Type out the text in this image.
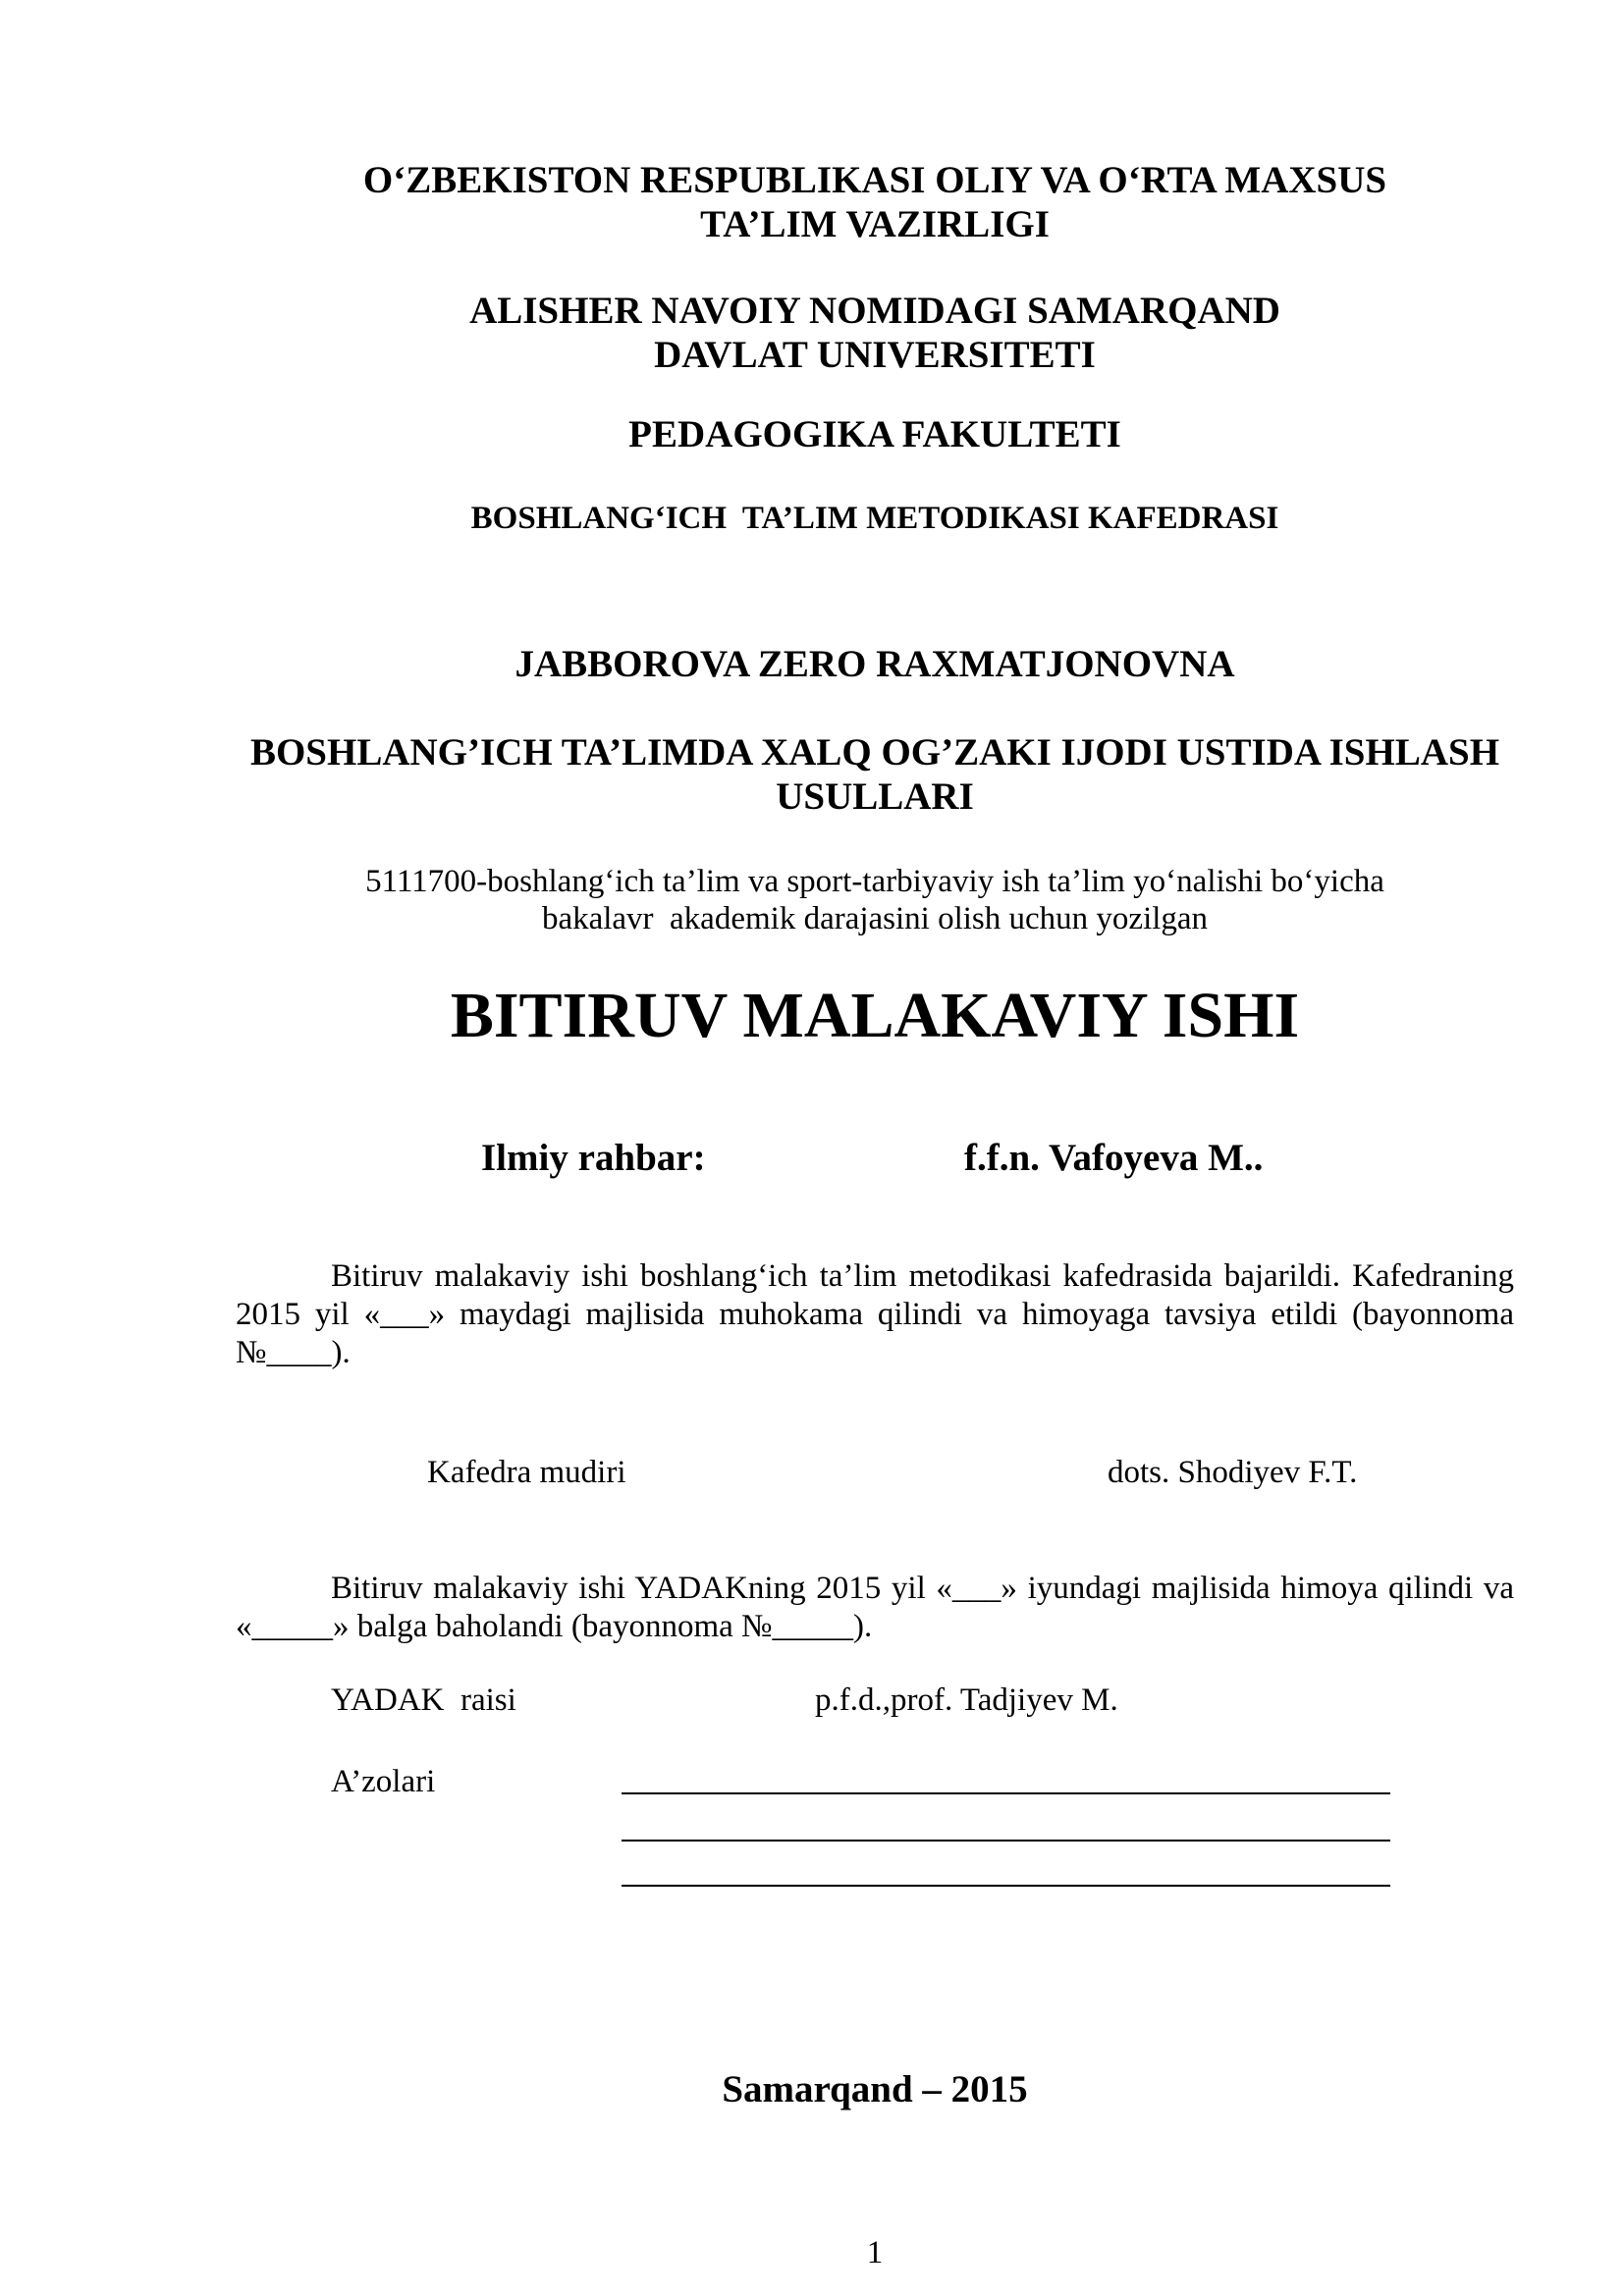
O‘ZBEKISTON RESPUBLIKASI OLIY VA O‘RTA MAXSUS
TA’LIM VAZIRLIGI
ALISHER NAVOIY NOMIDAGI SAMARQAND
DAVLAT UNIVERSITETI
PEDAGOGIKA FAKULTETI
BOSHLANG‘ICH  TA’LIM METODIKASI KAFEDRASI
JABBOROVA ZERO RAXMATJONOVNA
BOSHLANG’ICH TA’LIMDA XALQ OG’ZAKI IJODI USTIDA ISHLASH
USULLARI
5111700-boshlang‘ich ta’lim va sport-tarbiyaviy ish ta’lim yo‘nalishi bo‘yicha
bakalavr  akademik darajasini olish uchun yozilgan
BITIRUV MALAKAVIY ISHI
Ilmiy rahbar:	f.f.n. Vafoyeva M..
Bitiruv malakaviy ishi boshlang‘ich ta’lim metodikasi kafedrasida bajarildi. Kafedraning 2015 yil «___» maydagi majlisida muhokama qilindi va himoyaga tavsiya etildi (bayonnoma №____).
Kafedra mudiri	dots. Shodiyev F.T.
Bitiruv malakaviy ishi YADAKning 2015 yil «___» iyundagi majlisida himoya qilindi va «_____» balga baholandi (bayonnoma №_____).
YADAK  raisi	p.f.d.,prof. Tadjiyev M.
A’zolari
Samarqand – 2015
1
